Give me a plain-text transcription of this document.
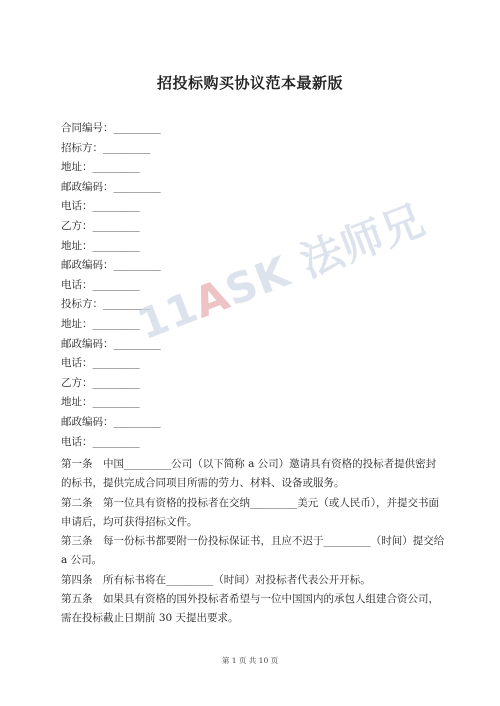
招投标购买协议范本最新版
合同编号：_________
招标方：_________
地址：_________
邮政编码：_________
电话：_________
乙方：_________
地址：_________
邮政编码：_________
电话：_________
投标方：_________
地址：_________
邮政编码：_________
电话：_________
乙方：_________
地址：_________
邮政编码：_________
电话：_________
第一条　中国_________公司（以下简称 a 公司）邀请具有资格的投标者提供密封的标书，提供完成合同项目所需的劳力、材料、设备或服务。
第二条　第一位具有资格的投标者在交纳_________美元（或人民币），并提交书面申请后，均可获得招标文件。
第三条　每一份标书都要附一份投标保证书，且应不迟于_________（时间）提交给 a 公司。
第四条　所有标书将在_________（时间）对投标者代表公开开标。
第五条　如果具有资格的国外投标者希望与一位中国国内的承包人组建合资公司，需在投标截止日期前 30 天提出要求。
第 1 页 共 10 页
11ASK 法师兄
